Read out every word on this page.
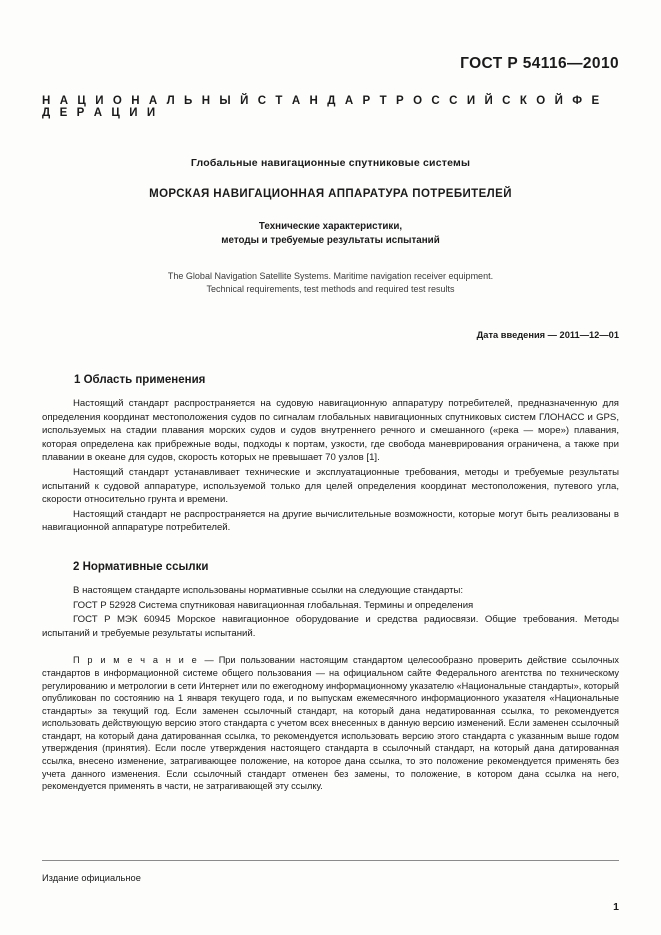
ГОСТ Р 54116—2010
Н А Ц И О Н А Л Ь Н Ы Й С Т А Н Д А Р Т Р О С С И Й С К О Й Ф Е Д Е Р А Ц И И
Глобальные навигационные спутниковые системы
МОРСКАЯ НАВИГАЦИОННАЯ АППАРАТУРА ПОТРЕБИТЕЛЕЙ
Технические характеристики,
методы и требуемые результаты испытаний
The Global Navigation Satellite Systems. Maritime navigation receiver equipment.
Technical requirements, test methods and required test results
Дата введения — 2011—12—01
1 Область применения
Настоящий стандарт распространяется на судовую навигационную аппаратуру потребителей, предназначенную для определения координат местоположения судов по сигналам глобальных навигационных спутниковых систем ГЛОНАСС и GPS, используемых на стадии плавания морских судов и судов внутреннего речного и смешанного («река — море») плавания, которая определена как прибрежные воды, подходы к портам, узкости, где свобода маневрирования ограничена, а также при плавании в океане для судов, скорость которых не превышает 70 узлов [1].
Настоящий стандарт устанавливает технические и эксплуатационные требования, методы и требуемые результаты испытаний к судовой аппаратуре, используемой только для целей определения координат местоположения, путевого угла, скорости относительно грунта и времени.
Настоящий стандарт не распространяется на другие вычислительные возможности, которые могут быть реализованы в навигационной аппаратуре потребителей.
2 Нормативные ссылки
В настоящем стандарте использованы нормативные ссылки на следующие стандарты:
ГОСТ Р 52928 Система спутниковая навигационная глобальная. Термины и определения
ГОСТ Р МЭК 60945 Морское навигационное оборудование и средства радиосвязи. Общие требования. Методы испытаний и требуемые результаты испытаний.
П р и м е ч а н и е — При пользовании настоящим стандартом целесообразно проверить действие ссылочных стандартов в информационной системе общего пользования — на официальном сайте Федерального агентства по техническому регулированию и метрологии в сети Интернет или по ежегодному информационному указателю «Национальные стандарты», который опубликован по состоянию на 1 января текущего года, и по выпускам ежемесячного информационного указателя «Национальные стандарты» за текущий год. Если заменен ссылочный стандарт, на который дана недатированная ссылка, то рекомендуется использовать действующую версию этого стандарта с учетом всех внесенных в данную версию изменений. Если заменен ссылочный стандарт, на который дана датированная ссылка, то рекомендуется использовать версию этого стандарта с указанным выше годом утверждения (принятия). Если после утверждения настоящего стандарта в ссылочный стандарт, на который дана датированная ссылка, внесено изменение, затрагивающее положение, на которое дана ссылка, то это положение рекомендуется применять без учета данного изменения. Если ссылочный стандарт отменен без замены, то положение, в котором дана ссылка на него, рекомендуется применять в части, не затрагивающей эту ссылку.
Издание официальное
1
